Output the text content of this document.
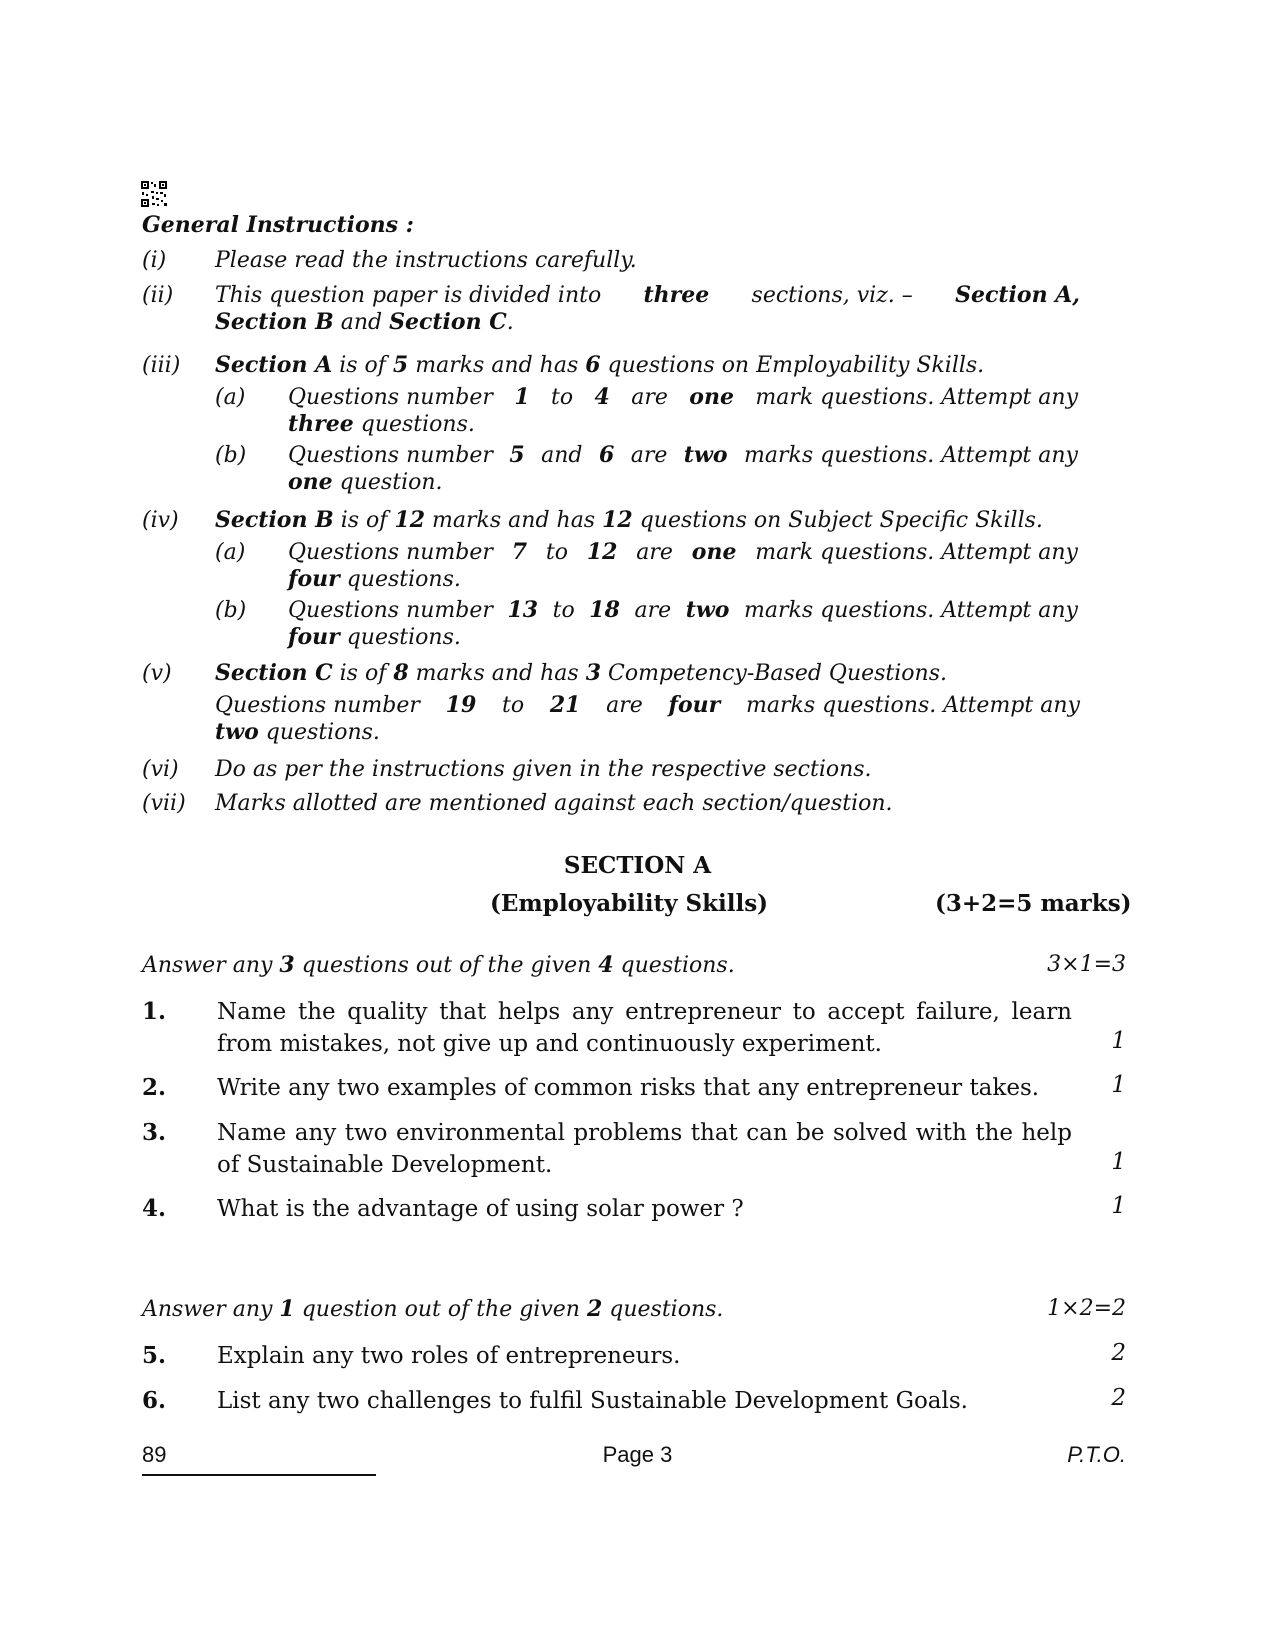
General Instructions :
(i)	Please read the instructions carefully.
(ii)	This question paper is divided into three sections, viz. – Section A,
Section B and Section C.
(iii)	Section A is of 5 marks and has 6 questions on Employability Skills.
(a) Questions number 1 to 4 are one mark questions. Attempt any
three questions.
(b) Questions number 5 and 6 are two marks questions. Attempt any
one question.
(iv)	Section B is of 12 marks and has 12 questions on Subject Specific Skills.
(a) Questions number 7 to 12 are one mark questions. Attempt any
four questions.
(b) Questions number 13 to 18 are two marks questions. Attempt any
four questions.
(v)	Section C is of 8 marks and has 3 Competency-Based Questions.
Questions number 19 to 21 are four marks questions. Attempt any
two questions.
(vi)	Do as per the instructions given in the respective sections.
(vii)	Marks allotted are mentioned against each section/question.
SECTION A
(Employability Skills)	(3+2=5 marks)
Answer any 3 questions out of the given 4 questions.	3×1=3
1. Name the quality that helps any entrepreneur to accept failure, learn from mistakes, not give up and continuously experiment.	1
2. Write any two examples of common risks that any entrepreneur takes.	1
3. Name any two environmental problems that can be solved with the help of Sustainable Development.	1
4. What is the advantage of using solar power ?	1
Answer any 1 question out of the given 2 questions.	1×2=2
5. Explain any two roles of entrepreneurs.	2
6. List any two challenges to fulfil Sustainable Development Goals.	2
89	Page 3	P.T.O.
